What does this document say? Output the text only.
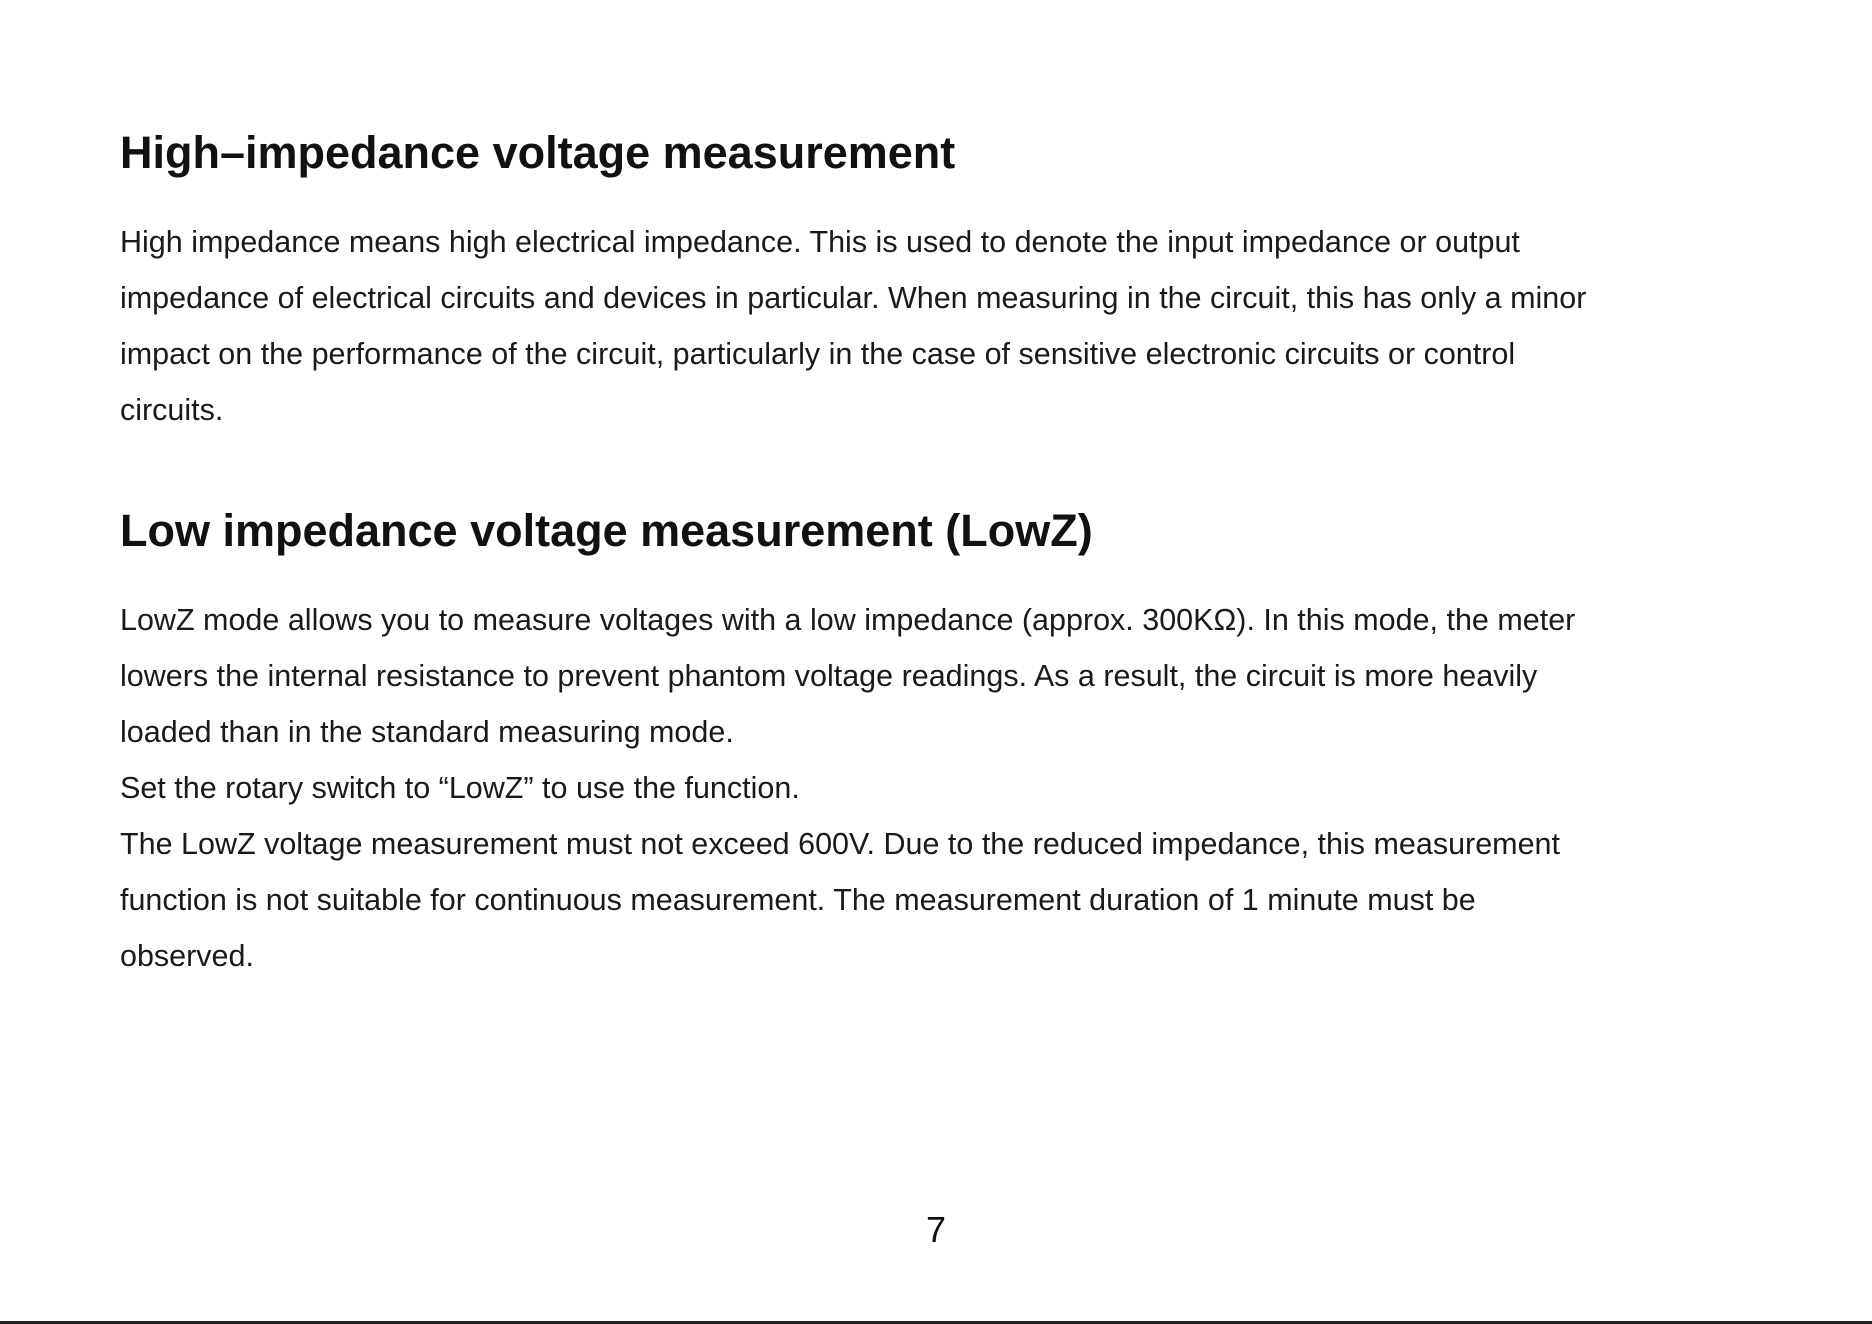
High–impedance voltage measurement

High impedance means high electrical impedance. This is used to denote the input impedance or output
impedance of electrical circuits and devices in particular. When measuring in the circuit, this has only a minor
impact on the performance of the circuit, particularly in the case of sensitive electronic circuits or control
circuits.

Low impedance voltage measurement (LowZ)

LowZ mode allows you to measure voltages with a low impedance (approx. 300KΩ). In this mode, the meter
lowers the internal resistance to prevent phantom voltage readings. As a result, the circuit is more heavily
loaded than in the standard measuring mode.

Set the rotary switch to “LowZ” to use the function.

The LowZ voltage measurement must not exceed 600V. Due to the reduced impedance, this measurement
function is not suitable for continuous measurement. The measurement duration of 1 minute must be
observed.

7
